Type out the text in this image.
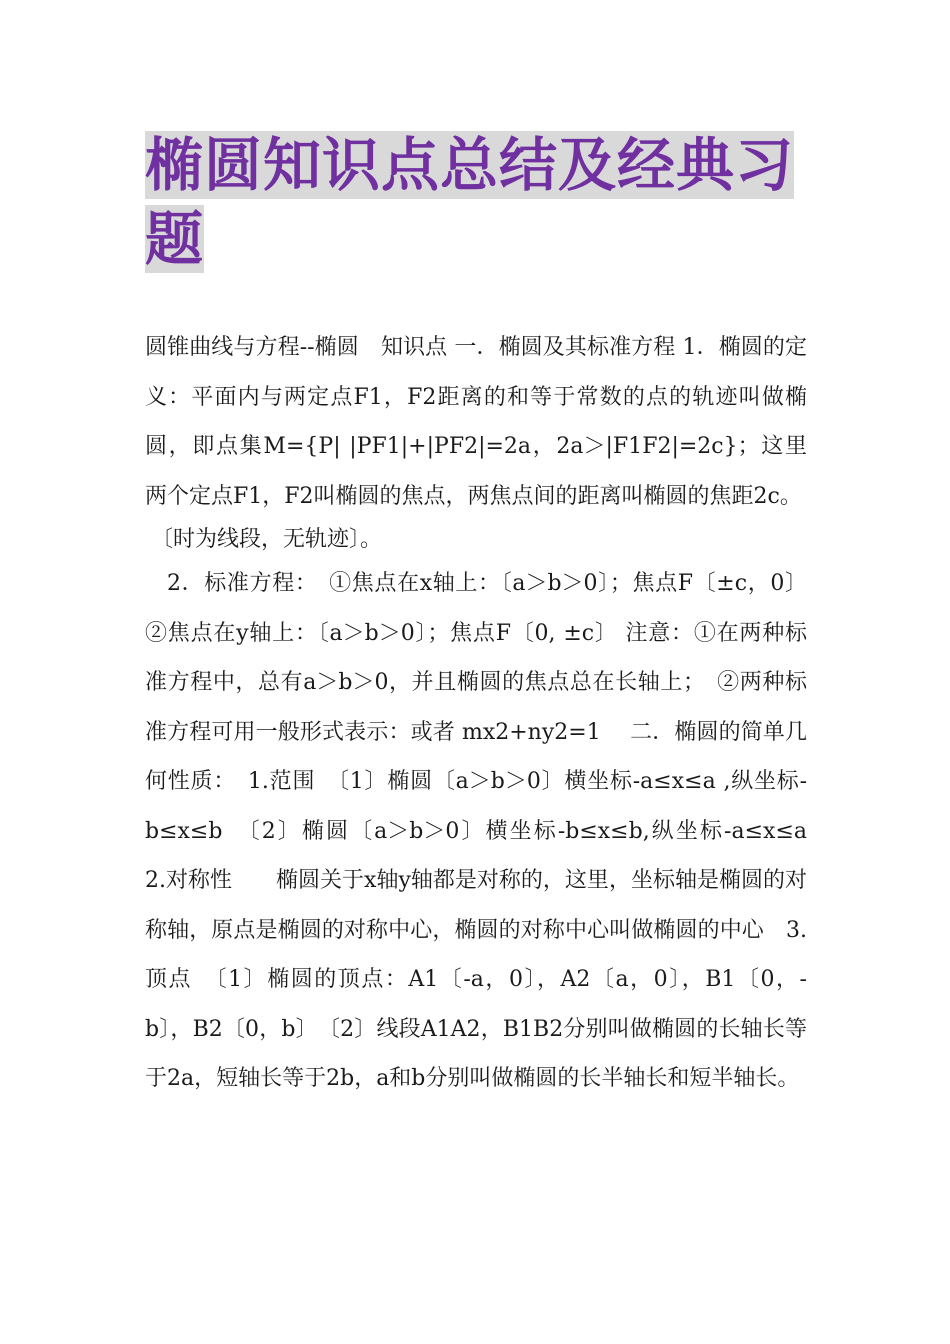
椭圆知识点总结及经典习题

圆锥曲线与方程--椭圆　知识点 一．椭圆及其标准方程 1．椭圆的定义：平面内与两定点F1，F2距离的和等于常数的点的轨迹叫做椭圆，即点集M={P| |PF1|+|PF2|=2a，2a＞|F1F2|=2c}；这里两个定点F1，F2叫椭圆的焦点，两焦点间的距离叫椭圆的焦距2c。

〔时为线段，无轨迹〕。

2．标准方程：　①焦点在x轴上：〔a＞b＞0〕；焦点F〔±c，0〕 ②焦点在y轴上：〔a＞b＞0〕；焦点F〔0, ±c〕 注意：①在两种标准方程中，总有a＞b＞0，并且椭圆的焦点总在长轴上；　②两种标准方程可用一般形式表示：或者 mx2+ny2=1　 二．椭圆的简单几何性质：　1.范围　〔1〕椭圆〔a＞b＞0〕横坐标-a≤x≤a ,纵坐标-b≤x≤b　〔2〕椭圆〔a＞b＞0〕横坐标-b≤x≤b,纵坐标-a≤x≤a　2.对称性　　椭圆关于x轴y轴都是对称的，这里，坐标轴是椭圆的对称轴，原点是椭圆的对称中心，椭圆的对称中心叫做椭圆的中心　3.顶点　〔1〕椭圆的顶点：A1〔-a，0〕，A2〔a，0〕，B1〔0，-b〕，B2〔0，b〕　〔2〕线段A1A2，B1B2分别叫做椭圆的长轴长等于2a，短轴长等于2b，a和b分别叫做椭圆的长半轴长和短半轴长。
